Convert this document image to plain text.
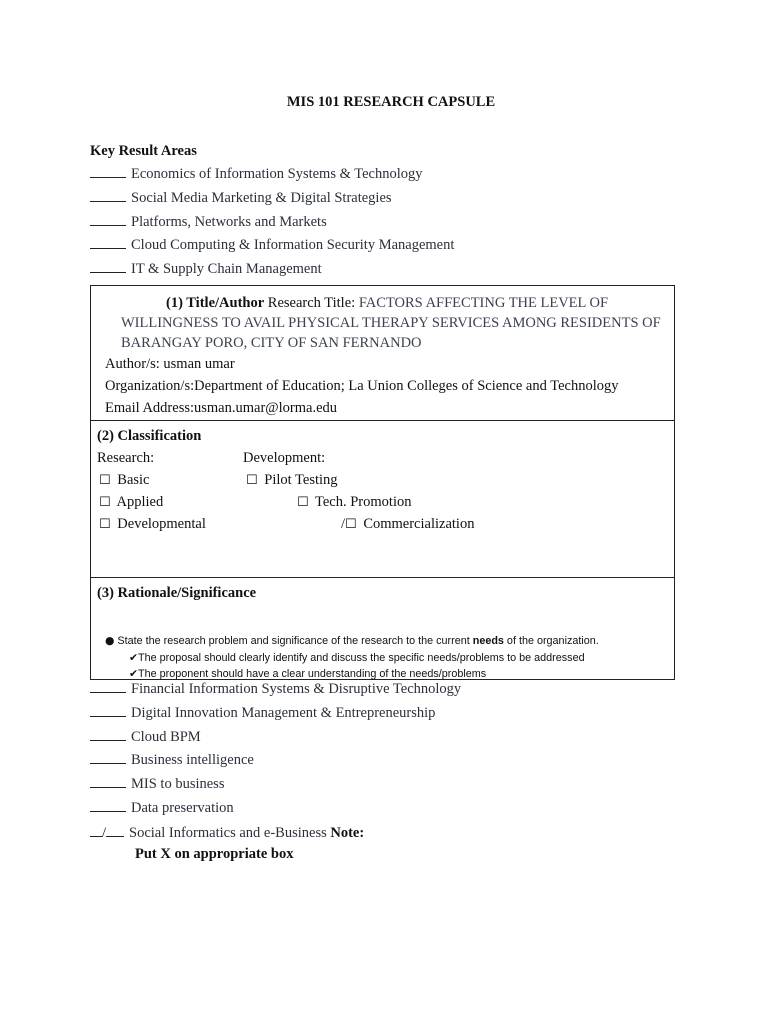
MIS 101 RESEARCH CAPSULE
Key Result Areas
Economics of Information Systems & Technology
Social Media Marketing & Digital Strategies
Platforms, Networks and Markets
Cloud Computing & Information Security Management
IT & Supply Chain Management
(1) Title/Author Research Title: FACTORS AFFECTING THE LEVEL OF WILLINGNESS TO AVAIL PHYSICAL THERAPY SERVICES AMONG RESIDENTS OF BARANGAY PORO, CITY OF SAN FERNANDO
Author/s: usman umar
Organization/s:Department of Education; La Union Colleges of Science and Technology
Email Address:usman.umar@lorma.edu
(2) Classification
Research:	Development:
☐ Basic
☐ Applied
☐ Developmental
☐ Pilot Testing
☐ Tech. Promotion
/☐ Commercialization
(3) Rationale/Significance
● State the research problem and significance of the research to the current needs of the organization.
✔The proposal should clearly identify and discuss the specific needs/problems to be addressed
✔The proponent should have a clear understanding of the needs/problems
Financial Information Systems & Disruptive Technology
Digital Innovation Management & Entrepreneurship
Cloud BPM
Business intelligence
MIS to business
Data preservation
/ Social Informatics and e-Business Note:
Put X on appropriate box
